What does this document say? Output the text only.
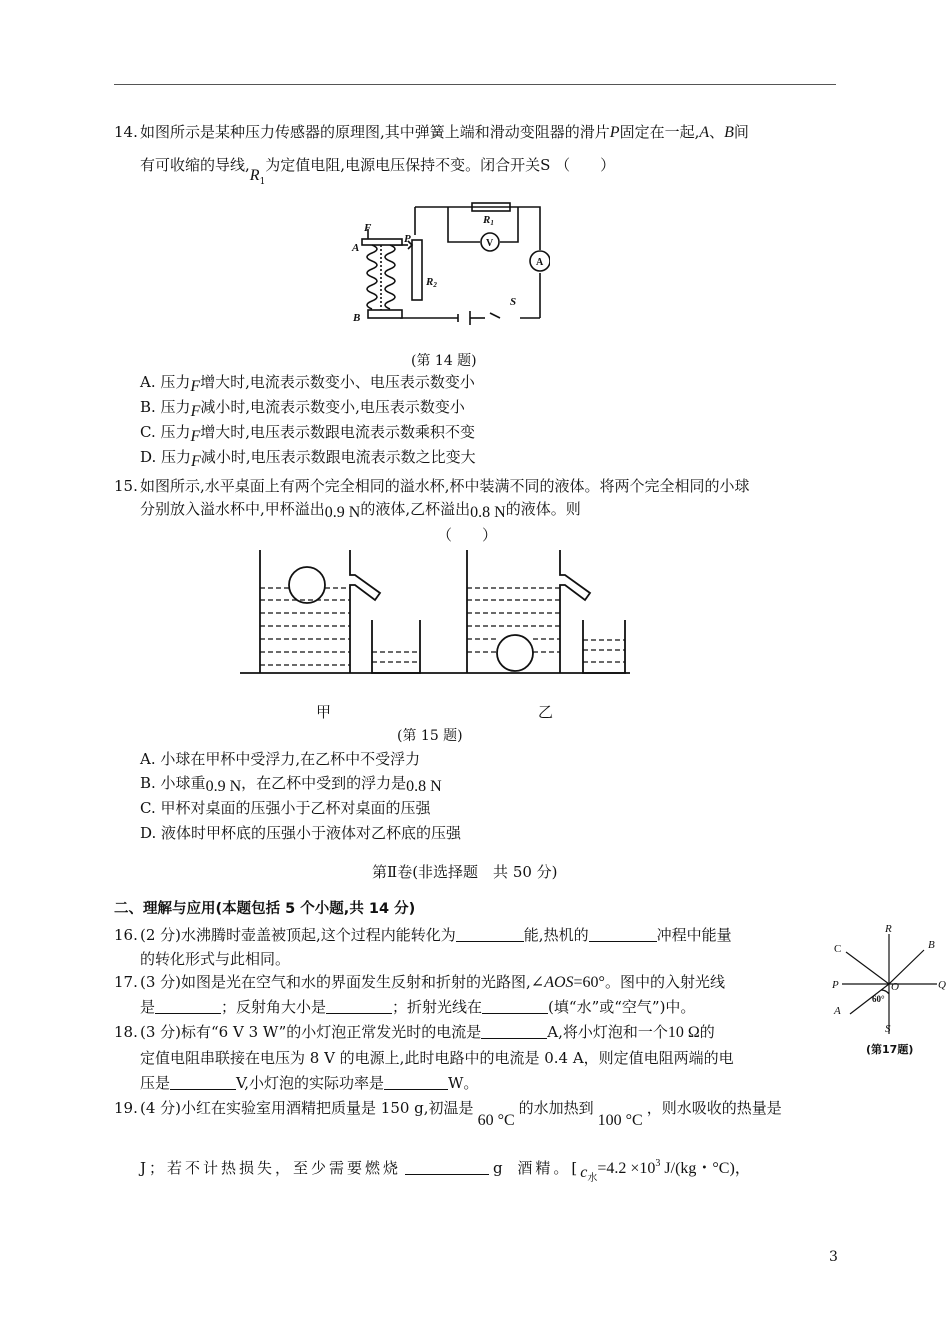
14. 如图所示是某种压力传感器的原理图,其中弹簧上端和滑动变阻器的滑片P固定在一起,A、B间
有可收缩的导线$,R_1$为定值电阻,电源电压保持不变。闭合开关S （　　）
F
A
P
R1
R2
V
A
S
B
(第 14 题)
A. 压力F增大时,电流表示数变小、电压表示数变小
B. 压力F减小时,电流表示数变小,电压表示数变小
C. 压力F增大时,电压表示数跟电流表示数乘积不变
D. 压力F减小时,电压表示数跟电流表示数之比变大
15. 如图所示,水平桌面上有两个完全相同的溢水杯,杯中装满不同的液体。将两个完全相同的小球
分别放入溢水杯中,甲杯溢出0.9 N的液体,乙杯溢出0.8 N的液体。则
（　　）
甲	乙
(第 15 题)
A. 小球在甲杯中受浮力,在乙杯中不受浮力
B. 小球重0.9 N，在乙杯中受到的浮力是0.8 N
C. 甲杯对桌面的压强小于乙杯对桌面的压强
D. 液体时甲杯底的压强小于液体对乙杯底的压强
第Ⅱ卷(非选择题　共 50 分)
二、理解与应用(本题包括 5 个小题,共 14 分)
16. (2 分)水沸腾时壶盖被顶起,这个过程内能转化为	能,热机的	冲程中能量
的转化形式与此相同。
17. (3 分)如图是光在空气和水的界面发生反射和折射的光路图,∠AOS=60°。图中的入射光线
是	；反射角大小是	；折射光线在	(填“水”或“空气”)中。
R
B
C
P	O	Q
A
60°
S
(第17题)
18. (3 分)标有“6 V 3 W”的小灯泡正常发光时的电流是	A,将小灯泡和一个10 Ω的
定值电阻串联接在电压为 8 V 的电源上,此时电路中的电流是 0.4 A，则定值电阻两端的电
压是	V,小灯泡的实际功率是	W。
19. (4 分)小红在实验室用酒精把质量是 150 g,初温是60 °C的水加热到100 °C，则水吸收的热量是
J；若不计热损失，至少需要燃烧	g 酒精。[$c_水=4.2 \times 10^3$ J/(kg・°C)，
3
